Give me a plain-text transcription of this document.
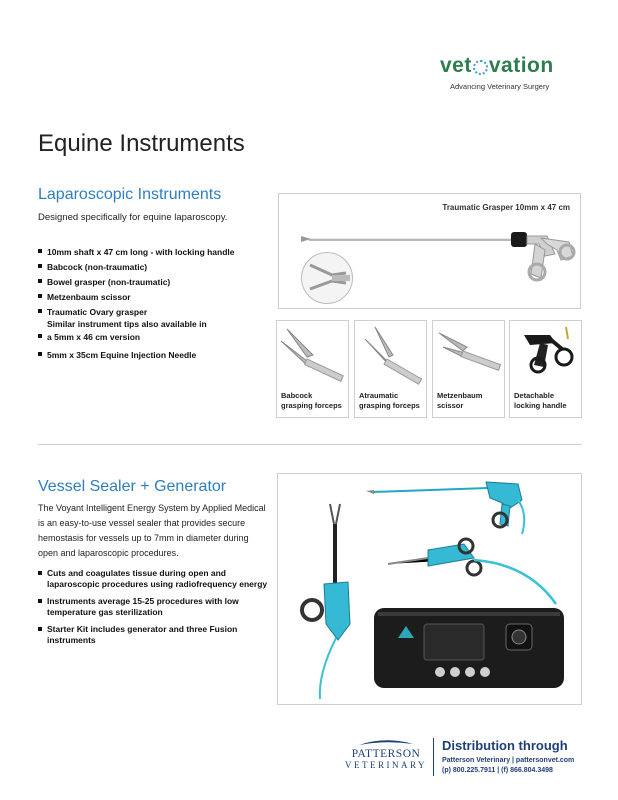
vet vation
Advancing Veterinary Surgery
Equine Instruments
Laparoscopic Instruments

Designed specifically for equine laparoscopy.

10mm shaft x 47 cm long - with locking handle
Babcock (non-traumatic)
Bowel grasper (non-traumatic)
Metzenbaum scissor
Traumatic Ovary grasper
Similar instrument tips also available in
a 5mm x 46 cm version
5mm x 35cm Equine Injection Needle
Traumatic Grasper 10mm x 47 cm
Babcock
grasping forceps
Atraumatic
grasping forceps
Metzenbaum
scissor
Detachable
locking handle
Vessel Sealer + Generator

The Voyant Intelligent Energy System by Applied Medical is an easy-to-use vessel sealer that provides secure hemostasis for vessels up to 7mm in diameter during open and laparoscopic procedures.

Cuts and coagulates tissue during open and laparoscopic procedures using radiofrequency energy
Instruments average 15-25 procedures with low temperature gas sterilization
Starter Kit includes generator and three Fusion instruments
PATTERSON
VETERINARY
Distribution through
Patterson Veterinary | pattersonvet.com
(p) 800.225.7911 | (f) 866.804.3498
